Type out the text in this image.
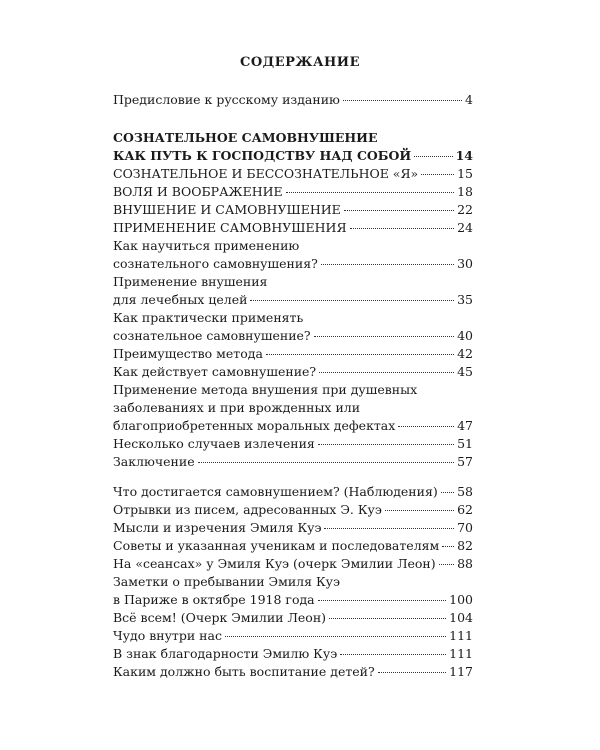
СОДЕРЖАНИЕ
Предисловие к русскому изданию	4
СОЗНАТЕЛЬНОЕ САМОВНУШЕНИЕ
КАК ПУТЬ К ГОСПОДСТВУ НАД СОБОЙ	14
СОЗНАТЕЛЬНОЕ И БЕССОЗНАТЕЛЬНОЕ «Я»	15
ВОЛЯ И ВООБРАЖЕНИЕ	18
ВНУШЕНИЕ И САМОВНУШЕНИЕ	22
ПРИМЕНЕНИЕ САМОВНУШЕНИЯ	24
Как научиться применению
сознательного самовнушения?	30
Применение внушения
для лечебных целей	35
Как практически применять
сознательное самовнушение?	40
Преимущество метода	42
Как действует самовнушение?	45
Применение метода внушения при душевных
заболеваниях и при врожденных или
благоприобретенных моральных дефектах	47
Несколько случаев излечения	51
Заключение	57
Что достигается самовнушением? (Наблюдения) 58
Отрывки из писем, адресованных Э. Куэ	62
Мысли и изречения Эмиля Куэ	70
Советы и указанная ученикам и последователям 82
На «сеансах» у Эмиля Куэ (очерк Эмилии Леон) 88
Заметки о пребывании Эмиля Куэ
в Париже в октябре 1918 года	100
Всё всем! (Очерк Эмилии Леон)	104
Чудо внутри нас	111
В знак благодарности Эмилю Куэ	111
Каким должно быть воспитание детей?	117
